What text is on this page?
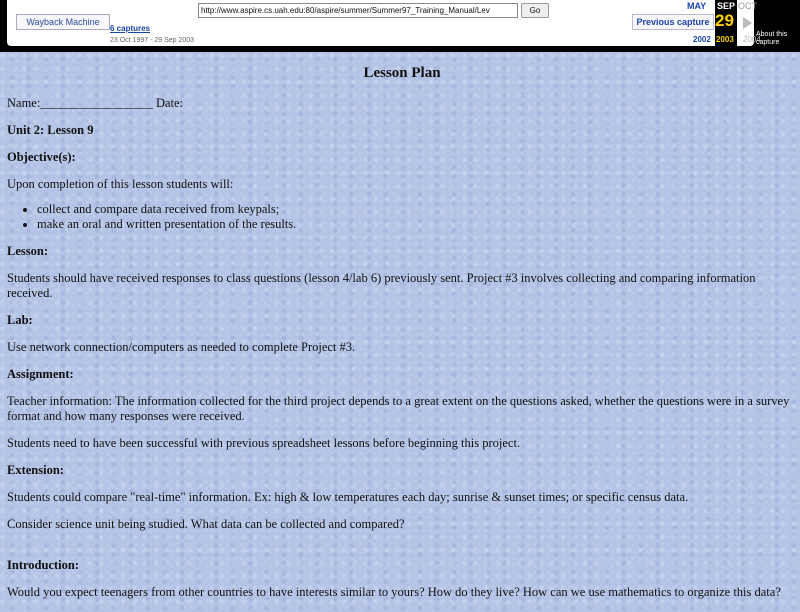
Wayback Machine
http://www.aspire.cs.uah.edu:80/aspire/summer/Summer97_Training_Manual/Lev	Go
6 captures
23 Oct 1997 - 29 Sep 2003
Previous capture
MAY SEP
29
2003
OCT
2002	2004
About this capture
Lesson Plan
Name:__________________ Date:
Unit 2: Lesson 9
Objective(s):
Upon completion of this lesson students will:
• collect and compare data received from keypals;
• make an oral and written presentation of the results.
Lesson:
Students should have received responses to class questions (lesson 4/lab 6) previously sent. Project #3 involves collecting and comparing information received.
Lab:
Use network connection/computers as needed to complete Project #3.
Assignment:
Teacher information: The information collected for the third project depends to a great extent on the questions asked, whether the questions were in a survey format and how many responses were received.
Students need to have been successful with previous spreadsheet lessons before beginning this project.
Extension:
Students could compare "real-time" information. Ex: high & low temperatures each day; sunrise & sunset times; or specific census data.
Consider science unit being studied. What data can be collected and compared?
Introduction:
Would you expect teenagers from other countries to have interests similar to yours? How do they live? How can we use mathematics to organize this data?
